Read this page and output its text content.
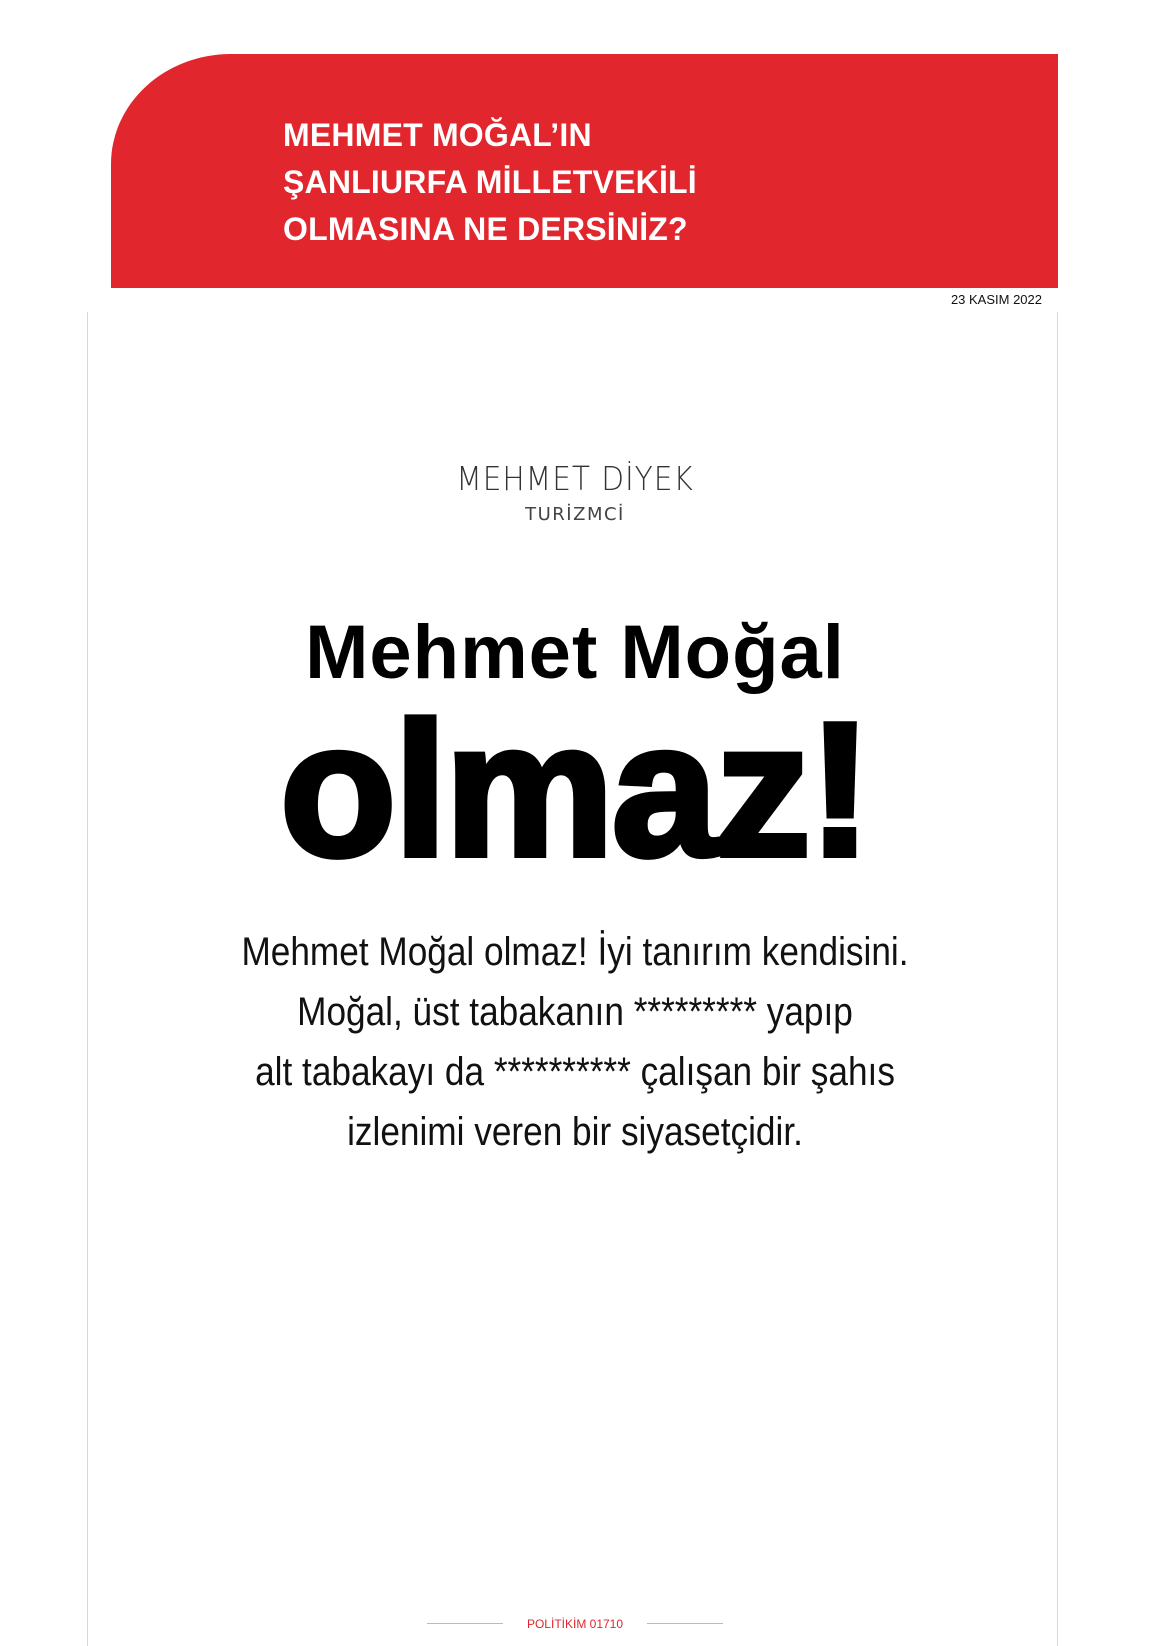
MEHMET MOĞAL’IN
ŞANLIURFA MİLLETVEKİLİ
OLMASINA NE DERSİNİZ?
23 KASIM 2022
MEHMET DİYEK
TURİZMCİ
Mehmet Moğal
olmaz!
Mehmet Moğal olmaz! İyi tanırım kendisini.
Moğal, üst tabakanın ********* yapıp
alt tabakayı da ********** çalışan bir şahıs
izlenimi veren bir siyasetçidir.
POLİTİKİM 01710
